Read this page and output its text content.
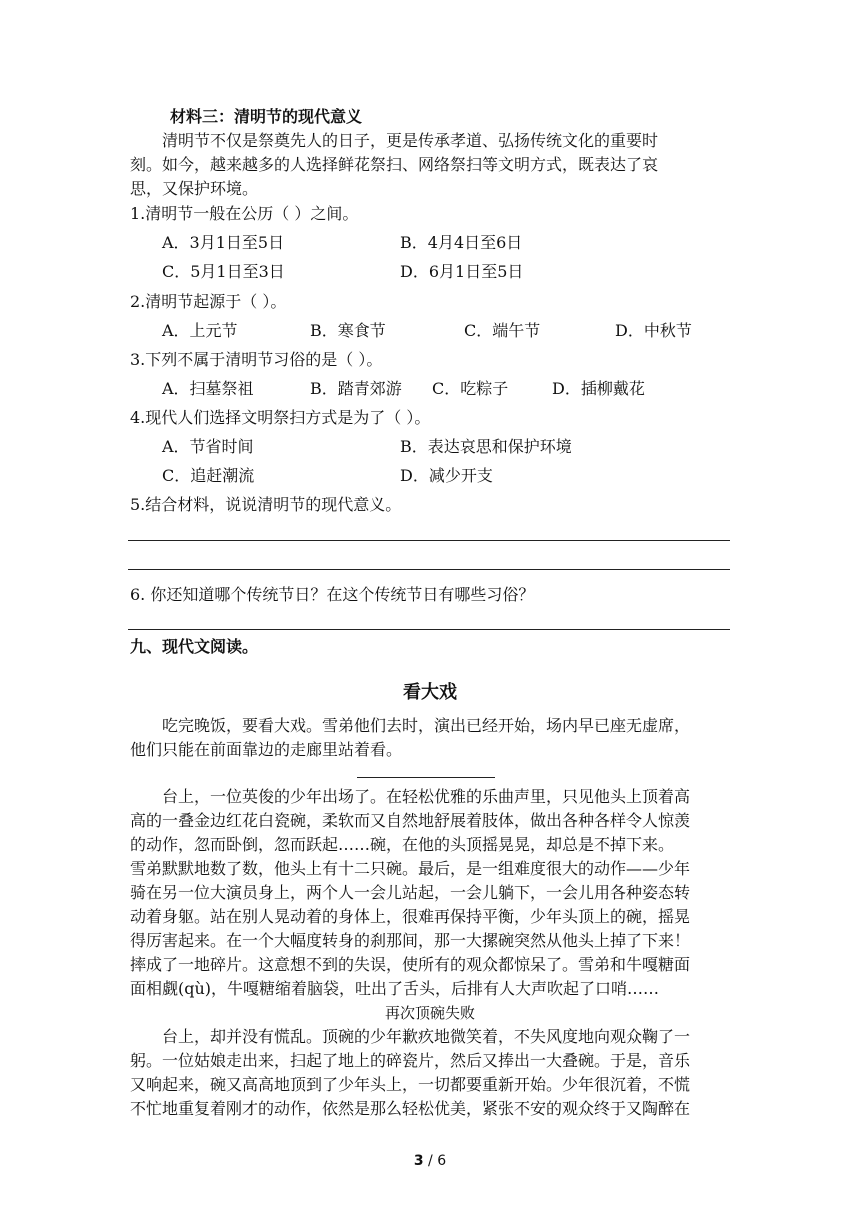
材料三：清明节的现代意义
清明节不仅是祭奠先人的日子，更是传承孝道、弘扬传统文化的重要时
刻。如今，越来越多的人选择鲜花祭扫、网络祭扫等文明方式，既表达了哀
思，又保护环境。
1.清明节一般在公历（ ）之间。
A．3月1日至5日	B．4月4日至6日
C．5月1日至3日	D．6月1日至5日
2.清明节起源于（ ）。
A．上元节	B．寒食节	C．端午节	D．中秋节
3.下列不属于清明节习俗的是（ ）。
A．扫墓祭祖	B．踏青郊游 C．吃粽子	D．插柳戴花
4.现代人们选择文明祭扫方式是为了（ ）。
A．节省时间	B．表达哀思和保护环境
C．追赶潮流	D．减少开支
5.结合材料，说说清明节的现代意义。
6. 你还知道哪个传统节日？在这个传统节日有哪些习俗？
九、现代文阅读。
看大戏
吃完晚饭，要看大戏。雪弟他们去时，演出已经开始，场内早已座无虚席，
他们只能在前面靠边的走廊里站着看。
台上，一位英俊的少年出场了。在轻松优雅的乐曲声里，只见他头上顶着高
高的一叠金边红花白瓷碗，柔软而又自然地舒展着肢体，做出各种各样令人惊羡
的动作，忽而卧倒，忽而跃起……碗，在他的头顶摇晃晃，却总是不掉下来。
雪弟默默地数了数，他头上有十二只碗。最后，是一组难度很大的动作——少年
骑在另一位大演员身上，两个人一会儿站起，一会儿躺下，一会儿用各种姿态转
动着身躯。站在别人晃动着的身体上，很难再保持平衡，少年头顶上的碗，摇晃
得厉害起来。在一个大幅度转身的刹那间，那一大摞碗突然从他头上掉了下来！
摔成了一地碎片。这意想不到的失误，使所有的观众都惊呆了。雪弟和牛嘎糖面
面相觑(qù)，牛嘎糖缩着脑袋，吐出了舌头，后排有人大声吹起了口哨……
再次顶碗失败
台上，却并没有慌乱。顶碗的少年歉疚地微笑着，不失风度地向观众鞠了一
躬。一位姑娘走出来，扫起了地上的碎瓷片，然后又捧出一大叠碗。于是，音乐
又响起来，碗又高高地顶到了少年头上，一切都要重新开始。少年很沉着，不慌
不忙地重复着刚才的动作，依然是那么轻松优美，紧张不安的观众终于又陶醉在
3 / 6
